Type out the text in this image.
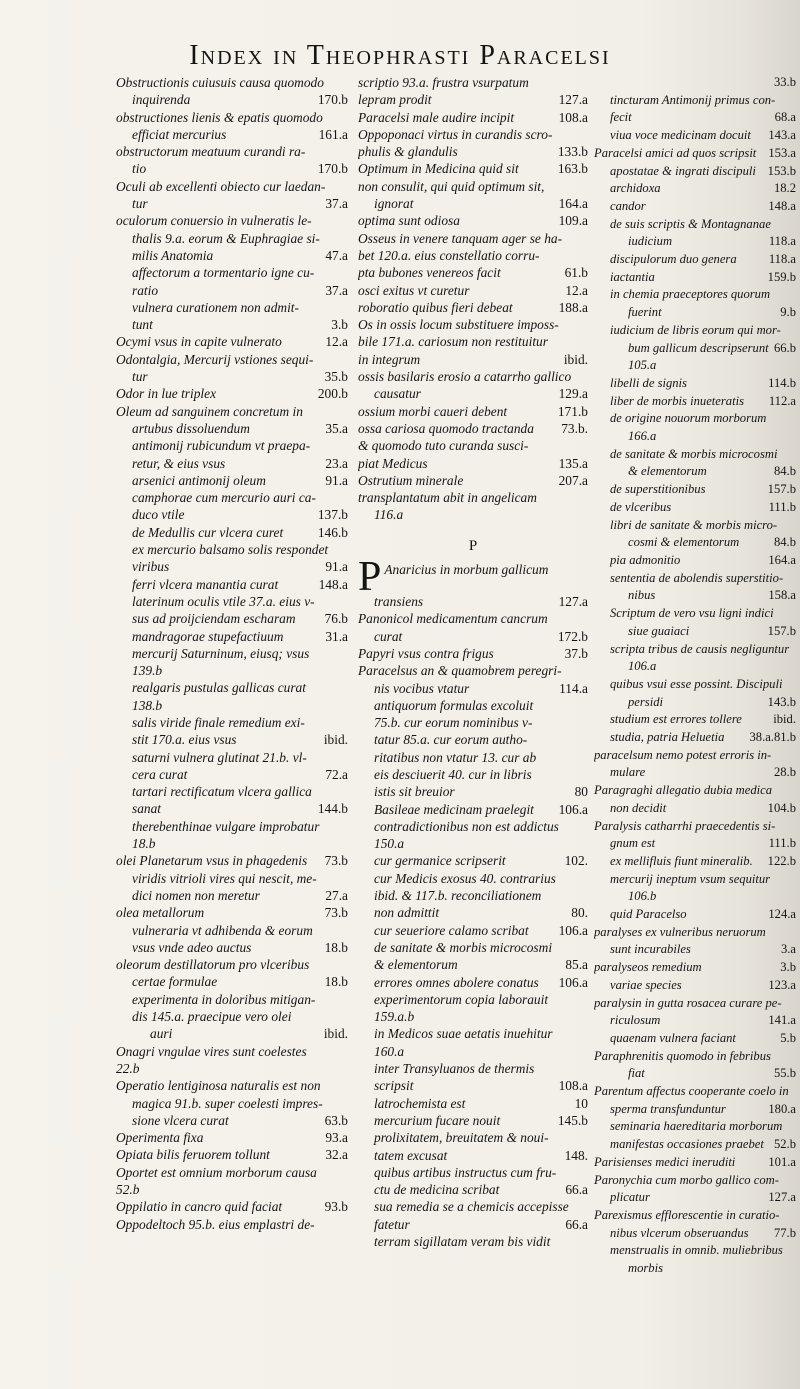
Index in Theophrasti Paracelsi
Obstructionis cuiusuis causa quomodo
inquirenda	170.b
obstructiones lienis & epatis quomodo
efficiat mercurius	161.a
obstructorum meatuum curandi ra-
tio	170.b
Oculi ab excellenti obiecto cur laedan-
tur	37.a
oculorum conuersio in vulneratis le-
thalis 9.a. eorum & Euphragiae si-
milis Anatomia	47.a
affectorum a tormentario igne cu-
ratio	37.a
vulnera curationem non admit-
tunt	3.b
Ocymi vsus in capite vulnerato	12.a
Odontalgia, Mercurij vstiones sequi-
tur	35.b
Odor in lue triplex	200.b
Oleum ad sanguinem concretum in
artubus dissoluendum	35.a
antimonij rubicundum vt praepa-
retur, & eius vsus	23.a
arsenici antimonij oleum	91.a
camphorae cum mercurio auri ca-
duco vtile	137.b
de Medullis cur vlcera curet	146.b
ex mercurio balsamo solis respondet
viribus	91.a
ferri vlcera manantia curat	148.a
laterinum oculis vtile 37.a. eius v-
sus ad proijciendam escharam 76.b
mandragorae stupefactiuum	31.a
mercurij Saturninum, eiusq; vsus
139.b
realgaris pustulas gallicas curat
138.b
salis viride finale remedium exi-
stit 170.a. eius vsus	ibid.
saturni vulnera glutinat 21.b. vl-
cera curat	72.a
tartari rectificatum vlcera gallica
sanat	144.b
therebenthinae vulgare improbatur
18.b
olei Planetarum vsus in phagedenis 73.b
viridis vitrioli vires qui nescit, me-
dici nomen non meretur	27.a
olea metallorum	73.b
vulneraria vt adhibenda & eorum
vsus vnde adeo auctus	18.b
oleorum destillatorum pro vlceribus
certae formulae	18.b
experimenta in doloribus mitigan-
dis 145.a. praecipue vero olei
auri	ibid.
Onagri vngulae vires sunt coelestes
22.b
Operatio lentiginosa naturalis est non
magica 91.b. super coelesti impres-
sione vlcera curat	63.b
Operimenta fixa	93.a
Opiata bilis feruorem tollunt	32.a
Oportet est omnium morborum causa
52.b
Oppilatio in cancro quid faciat	93.b
Oppodeltoch 95.b. eius emplastri de-
scriptio 93.a. frustra vsurpatum
lepram prodit	127.a
Paracelsi male audire incipit	108.a
Oppoponaci virtus in curandis scro-
phulis & glandulis	133.b
Optimum in Medicina quid sit	163.b
non consulit, qui quid optimum sit,
ignorat	164.a
optima sunt odiosa	109.a
Osseus in venere tanquam ager se ha-
bet 120.a. eius constellatio corru-
pta bubones venereos facit	61.b
osci exitus vt curetur	12.a
roboratio quibus fieri debeat	188.a
Os in ossis locum substituere imposs-
bile 171.a. cariosum non restituitur
in integrum	ibid.
ossis basilaris erosio a catarrho gallico
causatur	129.a
ossium morbi caueri debent	171.b
ossa cariosa quomodo tractanda 73.b.
& quomodo tuto curanda susci-
piat Medicus	135.a
Ostrutium minerale	207.a
transplantatum abit in angelicam
116.a
P
P Anaricius in morbum gallicum
transiens	127.a
Panonicol medicamentum cancrum
curat	172.b
Papyri vsus contra frigus	37.b
Paracelsus an & quamobrem peregri-
nis vocibus vtatur	114.a
antiquorum formulas excoluit
75.b. cur eorum nominibus v-
tatur 85.a. cur eorum autho-
ritatibus non vtatur 13. cur ab
eis desciuerit 40. cur in libris
istis sit breuior	80
Basileae medicinam praelegit 106.a
contradictionibus non est addictus
150.a
cur germanice scripserit	102.
cur Medicis exosus 40. contrarius
ibid. & 117.b. reconciliationem
non admittit	80.
cur seueriore calamo scribat 106.a
de sanitate & morbis microcosmi
& elementorum	85.a
errores omnes abolere conatus 106.a
experimentorum copia laborauit
159.a.b
in Medicos suae aetatis inuehitur
160.a
inter Transyluanos de thermis
scripsit	108.a
latrochemista est	10
mercurium fucare nouit	145.b
prolixitatem, breuitatem & noui-
tatem excusat	148.
quibus artibus instructus cum fru-
ctu de medicina scribat	66.a
sua remedia se a chemicis accepisse
fatetur	66.a
terram sigillatam veram bis vidit
33.b
tincturam Antimonij primus con-
fecit	68.a
viua voce medicinam docuit	143.a
Paracelsi amici ad quos scripsit 153.a
apostatae & ingrati discipuli 153.b
archidoxa	18.2
candor	148.a
de suis scriptis & Montagnanae
iudicium	118.a
discipulorum duo genera	118.a
iactantia	159.b
in chemia praeceptores quorum
fuerint	9.b
iudicium de libris eorum qui mor-
bum gallicum descripserunt 66.b
105.a
libelli de signis	114.b
liber de morbis inueteratis	112.a
de origine nouorum morborum
166.a
de sanitate & morbis microcosmi
& elementorum	84.b
de superstitionibus	157.b
de vlceribus	111.b
libri de sanitate & morbis micro-
cosmi & elementorum	84.b
pia admonitio	164.a
sententia de abolendis superstitio-
nibus	158.a
Scriptum de vero vsu ligni indici
siue guaiaci	157.b
scripta tribus de causis negliguntur
106.a
quibus vsui esse possint. Discipuli
persidi	143.b
studium est errores tollere	ibid.
studia, patria Heluetia	38.a.81.b
paracelsum nemo potest erroris in-
mulare	28.b
Paragraghi allegatio dubia medica
non decidit	104.b
Paralysis catharrhi praecedentis si-
gnum est	111.b
ex mellifluis fiunt mineralib.	122.b
mercurij ineptum vsum sequitur
106.b
quid Paracelso	124.a
paralyses ex vulneribus neruorum
sunt incurabiles	3.a
paralyseos remedium	3.b
variae species	123.a
paralysin in gutta rosacea curare pe-
riculosum	141.a
quaenam vulnera faciant	5.b
Paraphrenitis quomodo in febribus
fiat	55.b
Parentum affectus cooperante coelo in
sperma transfunduntur	180.a
seminaria haereditaria morborum
manifestas occasiones praebet 52.b
Parisienses medici ineruditi	101.a
Paronychia cum morbo gallico com-
plicatur	127.a
Parexismus efflorescentie in curatio-
nibus vlcerum obseruandus	77.b
menstrualis in omnib. muliebribus
morbis
